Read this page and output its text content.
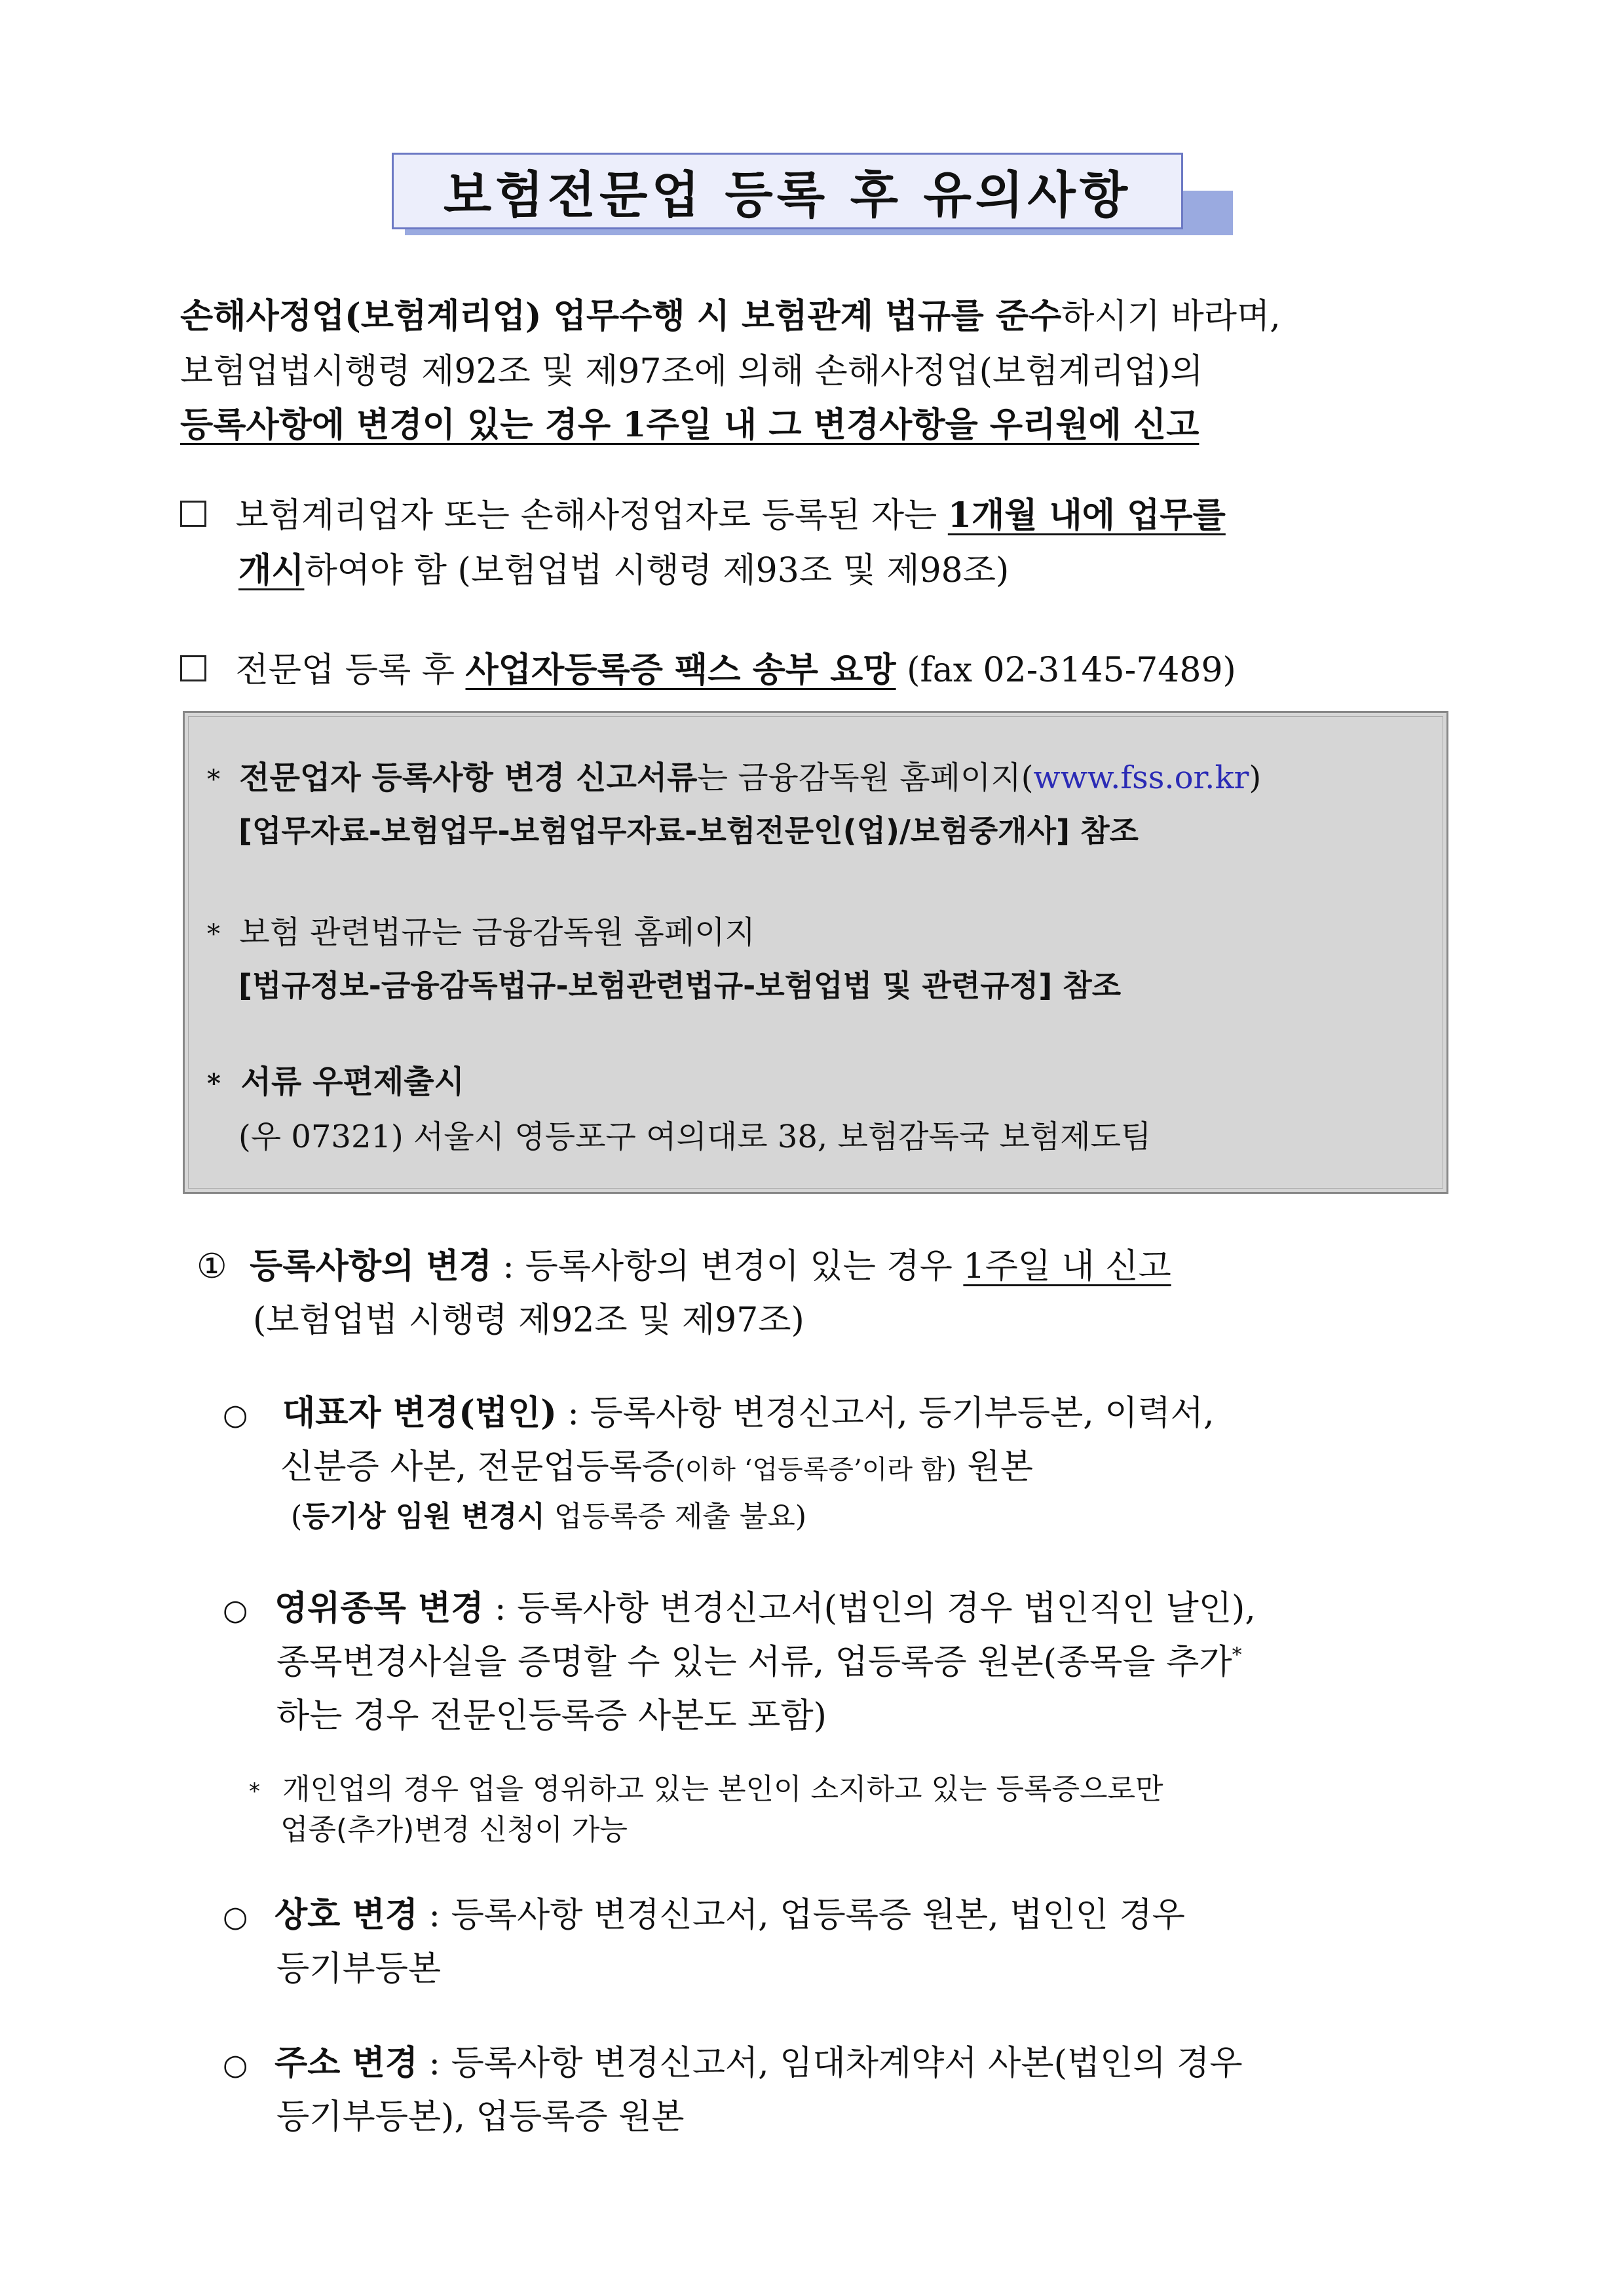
보험전문업 등록 후 유의사항
손해사정업(보험계리업) 업무수행 시 보험관계 법규를 준수하시기 바라며,
보험업법시행령 제92조 및 제97조에 의해 손해사정업(보험계리업)의
등록사항에 변경이 있는 경우 1주일 내 그 변경사항을 우리원에 신고
보험계리업자 또는 손해사정업자로 등록된 자는 1개월 내에 업무를
개시하여야 함 (보험업법 시행령 제93조 및 제98조)
전문업 등록 후 사업자등록증 팩스 송부 요망 (fax 02-3145-7489)
* 전문업자 등록사항 변경 신고서류는 금융감독원 홈페이지(www.fss.or.kr)
[업무자료-보험업무-보험업무자료-보험전문인(업)/보험중개사] 참조
* 보험 관련법규는 금융감독원 홈페이지
[법규정보-금융감독법규-보험관련법규-보험업법 및 관련규정] 참조
* 서류 우편제출시
(우 07321) 서울시 영등포구 여의대로 38, 보험감독국 보험제도팀
① 등록사항의 변경 : 등록사항의 변경이 있는 경우 1주일 내 신고
(보험업법 시행령 제92조 및 제97조)
○ 대표자 변경(법인) : 등록사항 변경신고서, 등기부등본, 이력서,
신분증 사본, 전문업등록증(이하 ‘업등록증’이라 함) 원본
(등기상 임원 변경시 업등록증 제출 불요)
○ 영위종목 변경 : 등록사항 변경신고서(법인의 경우 법인직인 날인),
종목변경사실을 증명할 수 있는 서류, 업등록증 원본(종목을 추가*
하는 경우 전문인등록증 사본도 포함)
* 개인업의 경우 업을 영위하고 있는 본인이 소지하고 있는 등록증으로만
업종(추가)변경 신청이 가능
○ 상호 변경 : 등록사항 변경신고서, 업등록증 원본, 법인인 경우
등기부등본
○ 주소 변경 : 등록사항 변경신고서, 임대차계약서 사본(법인의 경우
등기부등본), 업등록증 원본
